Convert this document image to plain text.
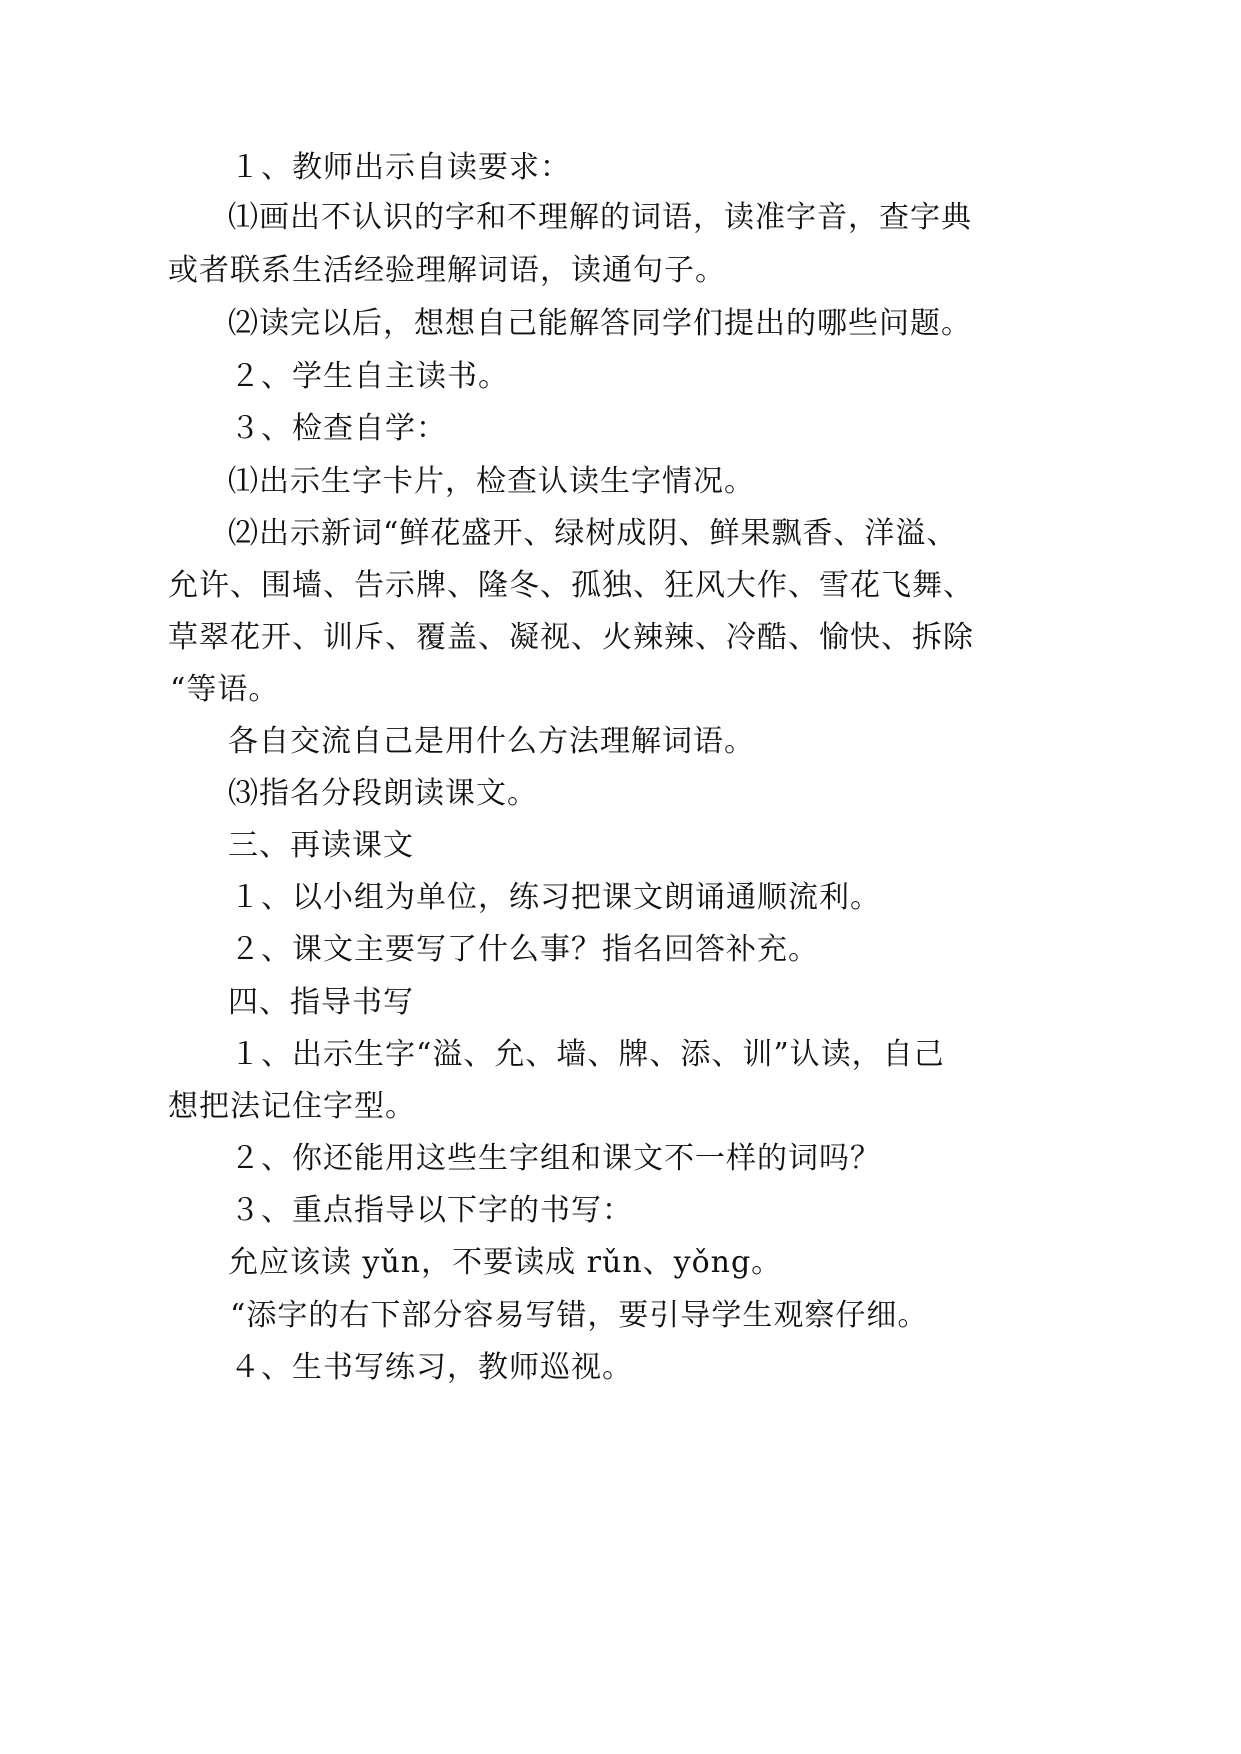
１、教师出示自读要求：
⑴画出不认识的字和不理解的词语，读准字音，查字典
或者联系生活经验理解词语，读通句子。
⑵读完以后，想想自己能解答同学们提出的哪些问题。
２、学生自主读书。
３、检查自学：
⑴出示生字卡片，检查认读生字情况。
⑵出示新词“鲜花盛开、绿树成阴、鲜果飘香、洋溢、
允许、围墙、告示牌、隆冬、孤独、狂风大作、雪花飞舞、
草翠花开、训斥、覆盖、凝视、火辣辣、冷酷、愉快、拆除
“等语。
各自交流自己是用什么方法理解词语。
⑶指名分段朗读课文。
三、再读课文
１、以小组为单位，练习把课文朗诵通顺流利。
２、课文主要写了什么事？指名回答补充。
四、指导书写
１、出示生字“溢、允、墙、牌、添、训”认读，自己
想把法记住字型。
２、你还能用这些生字组和课文不一样的词吗？
３、重点指导以下字的书写：
允应该读 yǔn，不要读成 rǔn、yǒng。
“添字的右下部分容易写错，要引导学生观察仔细。
４、生书写练习，教师巡视。
